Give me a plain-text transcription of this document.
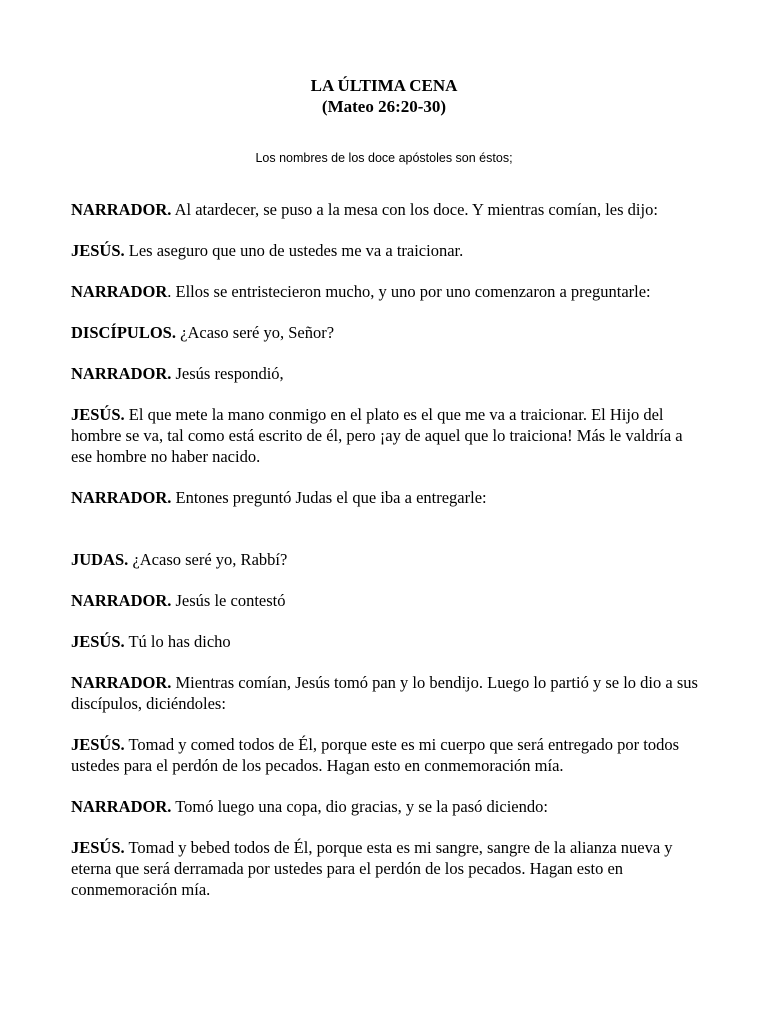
LA ÚLTIMA CENA
(Mateo 26:20-30)
Los nombres de los doce apóstoles son éstos;

NARRADOR. Al atardecer, se puso a la mesa con los doce. Y mientras comían, les dijo:

JESÚS. Les aseguro que uno de ustedes me va a traicionar.

NARRADOR. Ellos se entristecieron mucho, y uno por uno comenzaron a preguntarle:

DISCÍPULOS. ¿Acaso seré yo, Señor?

NARRADOR. Jesús respondió,

JESÚS. El que mete la mano conmigo en el plato es el que me va a traicionar. El Hijo del hombre se va, tal como está escrito de él, pero ¡ay de aquel que lo traiciona! Más le valdría a ese hombre no haber nacido.

NARRADOR. Entones preguntó Judas el que iba a entregarle:

JUDAS. ¿Acaso seré yo, Rabbí?

NARRADOR. Jesús le contestó

JESÚS. Tú lo has dicho

NARRADOR. Mientras comían, Jesús tomó pan y lo bendijo. Luego lo partió y se lo dio a sus discípulos, diciéndoles:

JESÚS. Tomad y comed todos de Él, porque este es mi cuerpo que será entregado por todos ustedes para el perdón de los pecados. Hagan esto en conmemoración mía.

NARRADOR. Tomó luego una copa, dio gracias, y se la pasó diciendo:

JESÚS. Tomad y bebed todos de Él, porque esta es mi sangre, sangre de la alianza nueva y eterna que será derramada por ustedes para el perdón de los pecados. Hagan esto en conmemoración mía.
